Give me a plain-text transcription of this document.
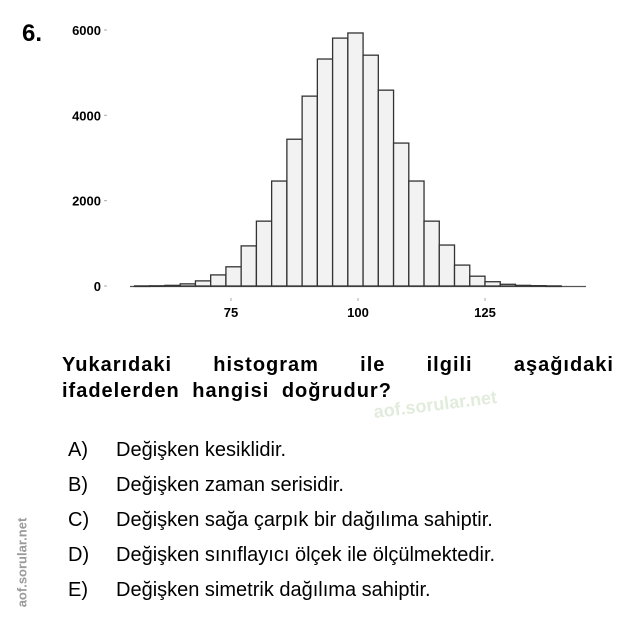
6.
0
2000
4000
6000
75	100	125
Yukarıdaki histogram ile ilgili aşağıdaki
ifadelerden hangisi doğrudur?
aof.sorular.net
aof.sorular.net
A)	Değişken kesiklidir.
B)	Değişken zaman serisidir.
C)	Değişken sağa çarpık bir dağılıma sahiptir.
D)	Değişken sınıflayıcı ölçek ile ölçülmektedir.
E)	Değişken simetrik dağılıma sahiptir.
